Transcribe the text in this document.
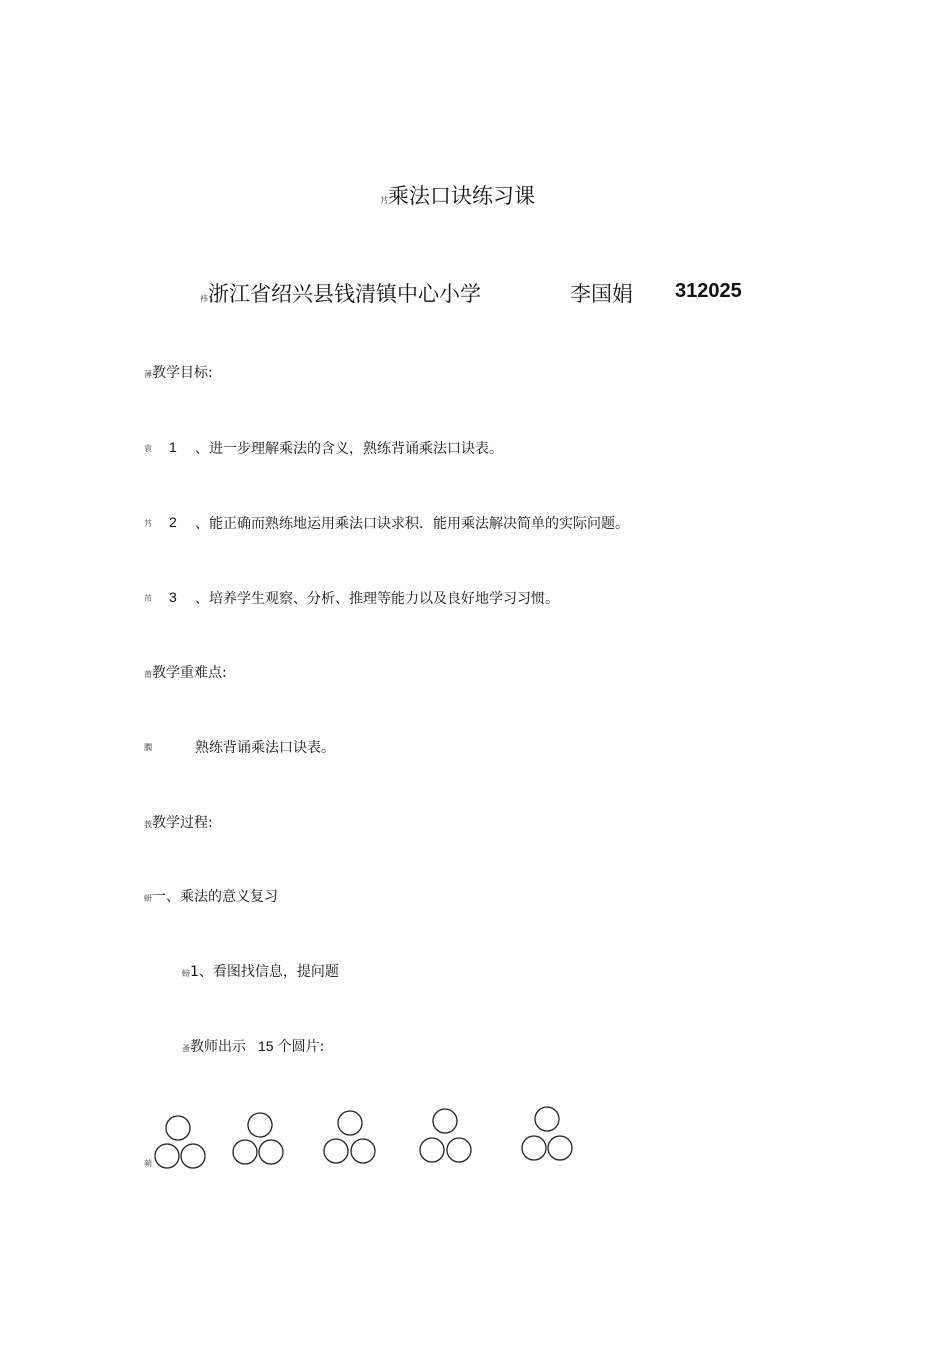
艿乘法口诀练习课
袆浙江省绍兴县钱清镇中心小学	李国娟 312025
薄教学目标:
袁 1 、进一步理解乘法的含义，熟练背诵乘法口诀表。
艿 2 、能正确而熟练地运用乘法口诀求积．能用乘法解决简单的实际问题。
芇 3 、培养学生观察、分析、推理等能力以及良好地学习习惯。
莆教学重难点:
膶	熟练背诵乘法口诀表。
莪教学过程:
蚈一、乘法的意义复习
螃1、看图找信息，提问题
蚤教师出示 15 个圆片:
蒴
